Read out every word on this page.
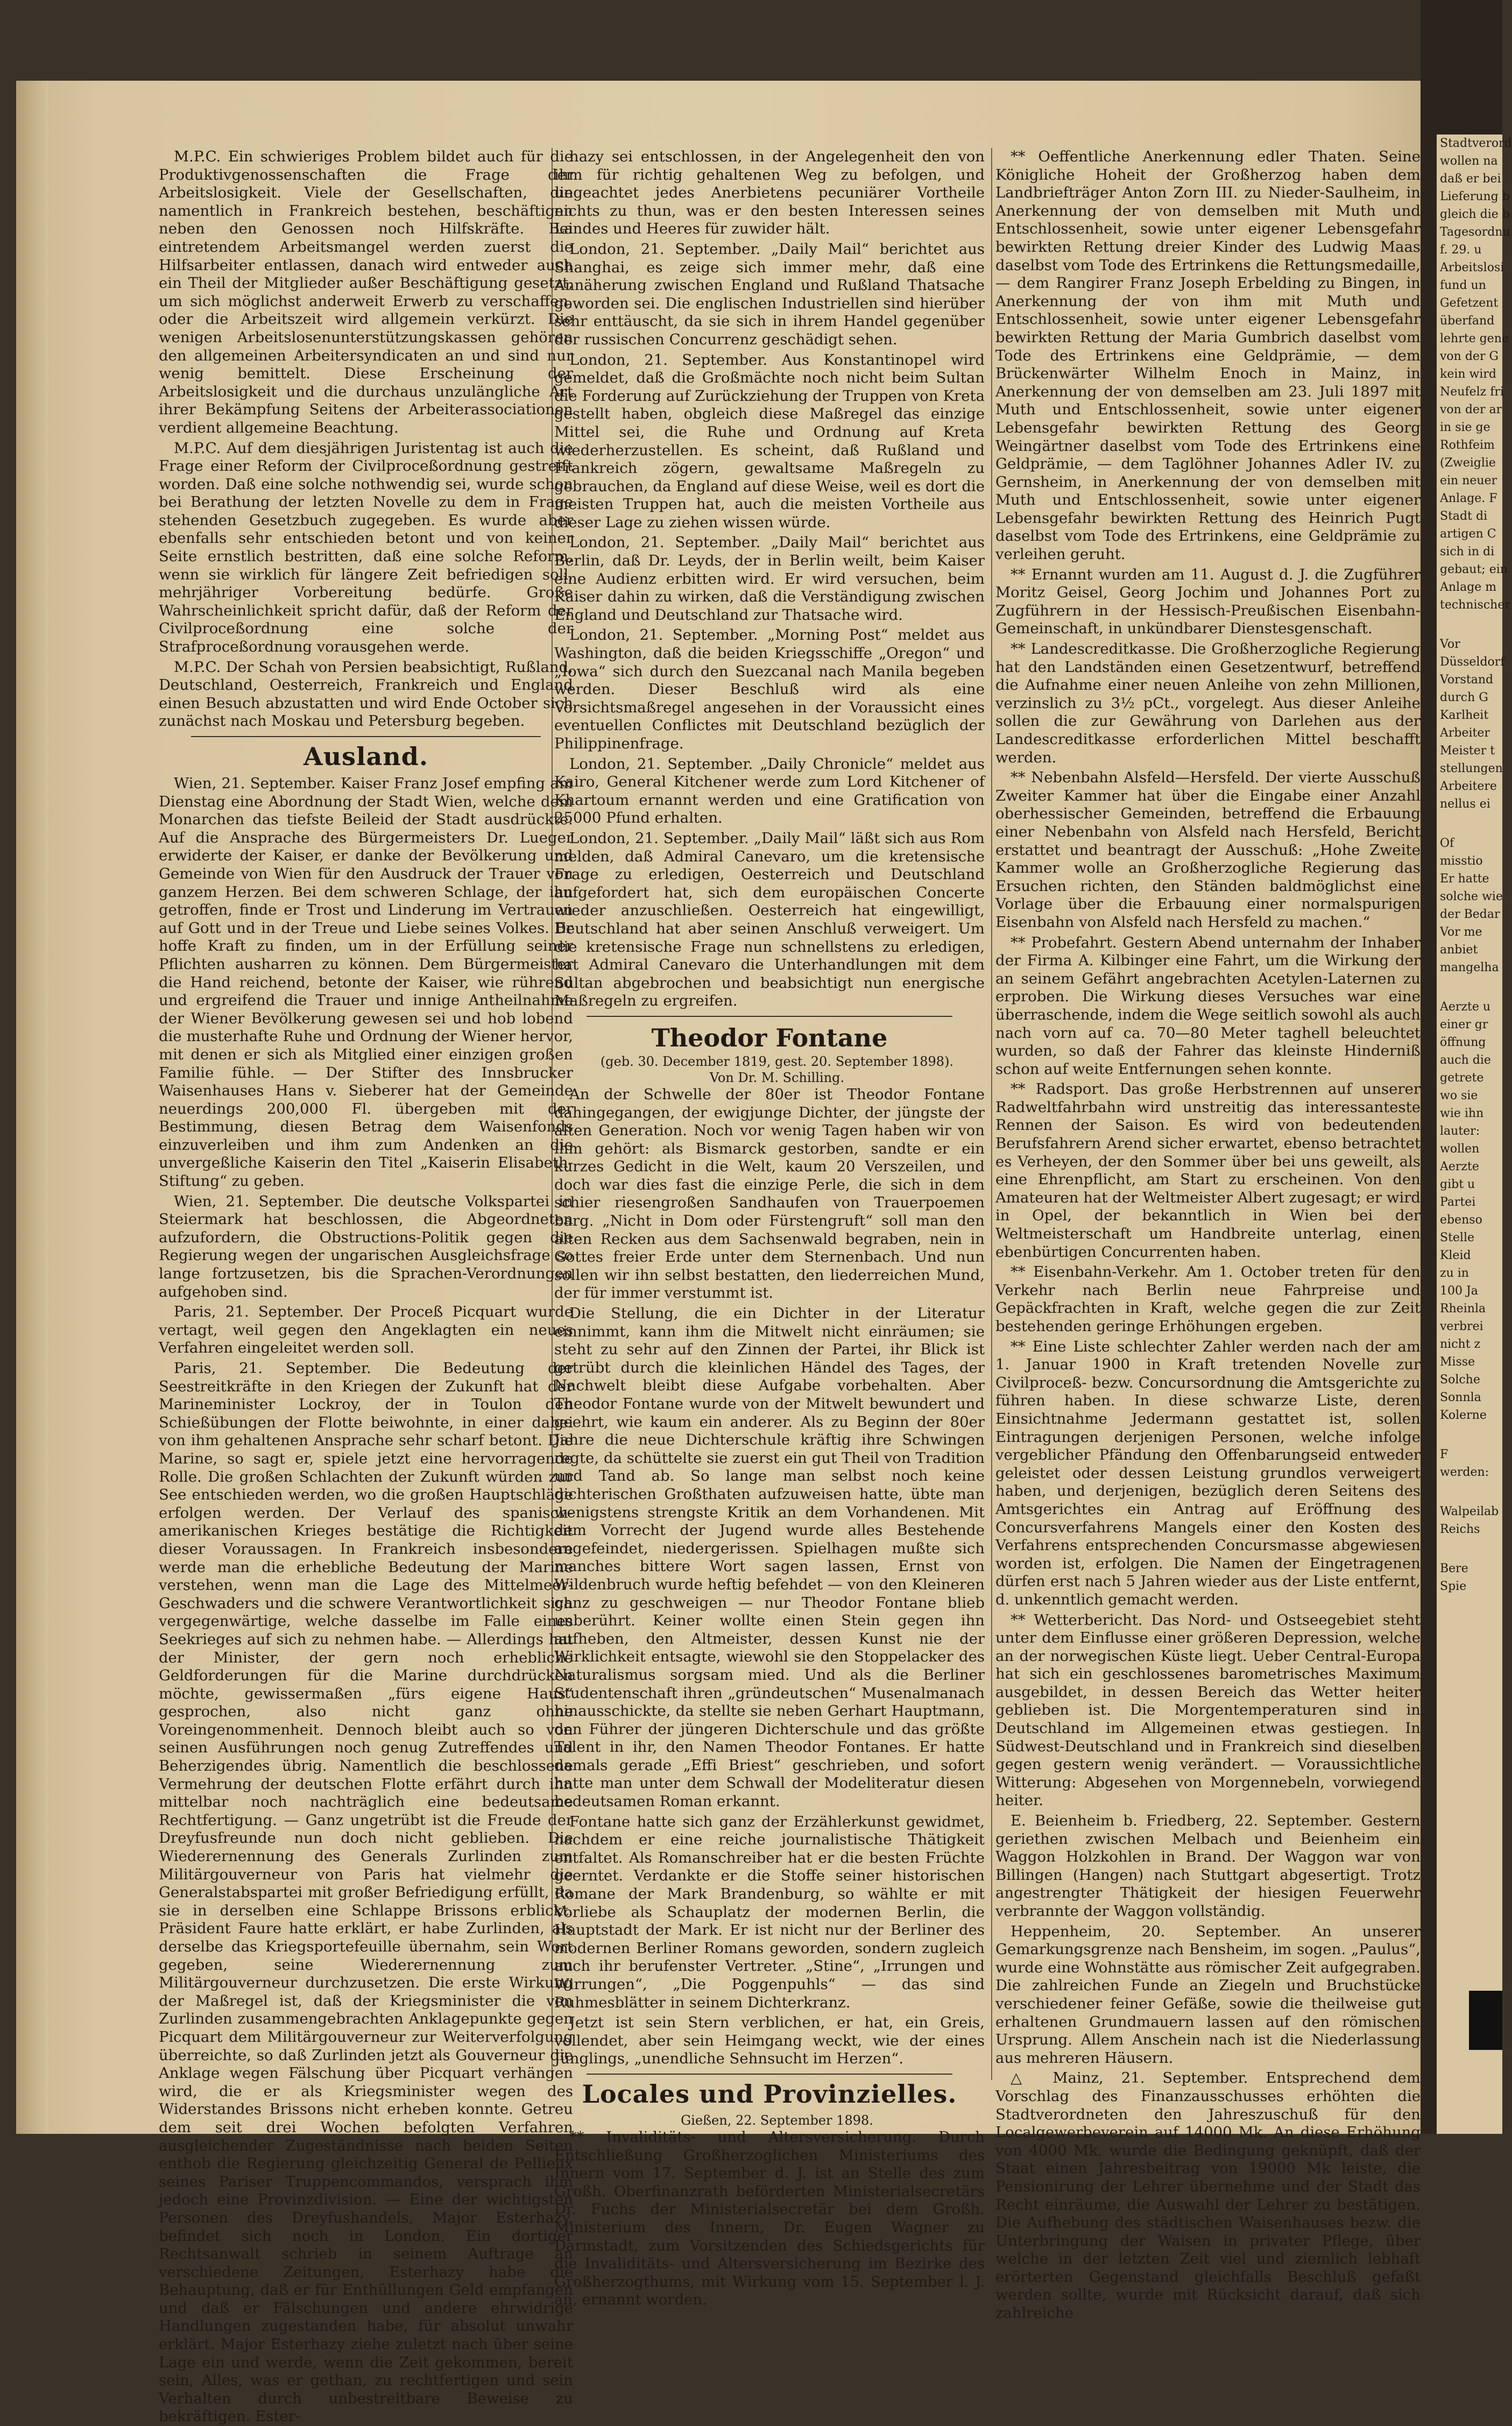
M.P.C. Ein schwieriges Problem bildet auch für die Produktivgenossenschaften die Frage der Arbeitslosigkeit. Viele der Gesellschaften, die namentlich in Frankreich bestehen, beschäftigen neben den Genossen noch Hilfskräfte. Bei eintretendem Arbeitsmangel werden zuerst die Hilfsarbeiter entlassen, danach wird entweder auch ein Theil der Mitglieder außer Beschäftigung gesetzt, um sich möglichst anderweit Erwerb zu verschaffen, oder die Arbeitszeit wird allgemein verkürzt. Die wenigen Arbeitslosenunterstützungskassen gehören den allgemeinen Arbeitersyndicaten an und sind nur wenig bemittelt. Diese Erscheinung der Arbeitslosigkeit und die durchaus unzulängliche Art ihrer Bekämpfung Seitens der Arbeiterassociationen verdient allgemeine Beachtung.

M.P.C. Auf dem diesjährigen Juristentag ist auch die Frage einer Reform der Civilproceßordnung gestreift worden. Daß eine solche nothwendig sei, wurde schon bei Berathung der letzten Novelle zu dem in Frage stehenden Gesetzbuch zugegeben. Es wurde aber ebenfalls sehr entschieden betont und von keiner Seite ernstlich bestritten, daß eine solche Reform, wenn sie wirklich für längere Zeit befriedigen soll, mehrjähriger Vorbereitung bedürfe. Große Wahrscheinlichkeit spricht dafür, daß der Reform der Civilproceßordnung eine solche der Strafproceßordnung vorausgehen werde.

M.P.C. Der Schah von Persien beabsichtigt, Rußland, Deutschland, Oesterreich, Frankreich und England einen Besuch abzustatten und wird Ende October sich zunächst nach Moskau und Petersburg begeben.

Ausland.

Wien, 21. September. Kaiser Franz Josef empfing am Dienstag eine Abordnung der Stadt Wien, welche dem Monarchen das tiefste Beileid der Stadt ausdrückte. Auf die Ansprache des Bürgermeisters Dr. Lueger erwiderte der Kaiser, er danke der Bevölkerung und Gemeinde von Wien für den Ausdruck der Trauer von ganzem Herzen. Bei dem schweren Schlage, der ihn getroffen, finde er Trost und Linderung im Vertrauen auf Gott und in der Treue und Liebe seines Volkes. Er hoffe Kraft zu finden, um in der Erfüllung seiner Pflichten ausharren zu können. Dem Bürgermeister die Hand reichend, betonte der Kaiser, wie rührend und ergreifend die Trauer und innige Antheilnahme der Wiener Bevölkerung gewesen sei und hob lobend die musterhafte Ruhe und Ordnung der Wiener hervor, mit denen er sich als Mitglied einer einzigen großen Familie fühle. — Der Stifter des Innsbrucker Waisenhauses Hans v. Sieberer hat der Gemeinde neuerdings 200,000 Fl. übergeben mit der Bestimmung, diesen Betrag dem Waisenfonds einzuverleiben und ihm zum Andenken an die unvergeßliche Kaiserin den Titel „Kaiserin Elisabeth-Stiftung“ zu geben.

Wien, 21. September. Die deutsche Volkspartei in Steiermark hat beschlossen, die Abgeordneten aufzufordern, die Obstructions-Politik gegen die Regierung wegen der ungarischen Ausgleichsfrage so lange fortzusetzen, bis die Sprachen-Verordnungen aufgehoben sind.

Paris, 21. September. Der Proceß Picquart wurde vertagt, weil gegen den Angeklagten ein neues Verfahren eingeleitet werden soll.

Paris, 21. September. Die Bedeutung der Seestreitkräfte in den Kriegen der Zukunft hat der Marineminister Lockroy, der in Toulon den Schießübungen der Flotte beiwohnte, in einer dabei von ihm gehaltenen Ansprache sehr scharf betont. Die Marine, so sagt er, spiele jetzt eine hervorragende Rolle. Die großen Schlachten der Zukunft würden zur See entschieden werden, wo die großen Hauptschläge erfolgen werden. Der Verlauf des spanisch-amerikanischen Krieges bestätige die Richtigkeit dieser Voraussagen. In Frankreich insbesondere werde man die erhebliche Bedeutung der Marine verstehen, wenn man die Lage des Mittelmeer-Geschwaders und die schwere Verantwortlichkeit sich vergegenwärtige, welche dasselbe im Falle eines Seekrieges auf sich zu nehmen habe. — Allerdings hat der Minister, der gern noch erhebliche Geldforderungen für die Marine durchdrücken möchte, gewissermaßen „fürs eigene Haus“ gesprochen, also nicht ganz ohne Voreingenommenheit. Dennoch bleibt auch so von seinen Ausführungen noch genug Zutreffendes und Beherzigendes übrig. Namentlich die beschlossene Vermehrung der deutschen Flotte erfährt durch ihn mittelbar noch nachträglich eine bedeutsame Rechtfertigung. — Ganz ungetrübt ist die Freude der Dreyfusfreunde nun doch nicht geblieben. Die Wiederernennung des Generals Zurlinden zum Militärgouverneur von Paris hat vielmehr die Generalstabspartei mit großer Befriedigung erfüllt, da sie in derselben eine Schlappe Brissons erblickt. Präsident Faure hatte erklärt, er habe Zurlinden, als derselbe das Kriegsportefeuille übernahm, sein Wort gegeben, seine Wiederernennung zum Militärgouverneur durchzusetzen. Die erste Wirkung der Maßregel ist, daß der Kriegsminister die von Zurlinden zusammengebrachten Anklagepunkte gegen Picquart dem Militärgouverneur zur Weiterverfolgung überreichte, so daß Zurlinden jetzt als Gouverneur die Anklage wegen Fälschung über Picquart verhängen wird, die er als Kriegsminister wegen des Widerstandes Brissons nicht erheben konnte. Getreu dem seit drei Wochen befolgten Verfahren ausgleichender Zugeständnisse nach beiden Seiten enthob die Regierung gleichzeitig General de Pellieux seines Pariser Truppencommandos, versprach ihm jedoch eine Provinzdivision. — Eine der wichtigsten Personen des Dreyfushandels, Major Esterhazy, befindet sich noch in London. Ein dortiger Rechtsanwalt schrieb in seinem Auftrage an verschiedene Zeitungen, Esterhazy habe die Behauptung, daß er für Enthüllungen Geld empfangen und daß er Fälschungen und andere ehrwidrige Handlungen zugestanden habe, für absolut unwahr erklärt. Major Esterhazy ziehe zuletzt nach über seine Lage ein und werde, wenn die Zeit gekommen, bereit sein, Alles, was er gethan, zu rechtfertigen und sein Verhalten durch unbestreitbare Beweise zu bekräftigen. Ester-

hazy sei entschlossen, in der Angelegenheit den von ihm für richtig gehaltenen Weg zu befolgen, und ungeachtet jedes Anerbietens pecuniärer Vortheile nichts zu thun, was er den besten Interessen seines Landes und Heeres für zuwider hält.

London, 21. September. „Daily Mail“ berichtet aus Shanghai, es zeige sich immer mehr, daß eine Annäherung zwischen England und Rußland Thatsache geworden sei. Die englischen Industriellen sind hierüber sehr enttäuscht, da sie sich in ihrem Handel gegenüber der russischen Concurrenz geschädigt sehen.

London, 21. September. Aus Konstantinopel wird gemeldet, daß die Großmächte noch nicht beim Sultan die Forderung auf Zurückziehung der Truppen von Kreta gestellt haben, obgleich diese Maßregel das einzige Mittel sei, die Ruhe und Ordnung auf Kreta wiederherzustellen. Es scheint, daß Rußland und Frankreich zögern, gewaltsame Maßregeln zu gebrauchen, da England auf diese Weise, weil es dort die meisten Truppen hat, auch die meisten Vortheile aus dieser Lage zu ziehen wissen würde.

London, 21. September. „Daily Mail“ berichtet aus Berlin, daß Dr. Leyds, der in Berlin weilt, beim Kaiser eine Audienz erbitten wird. Er wird versuchen, beim Kaiser dahin zu wirken, daß die Verständigung zwischen England und Deutschland zur Thatsache wird.

London, 21. September. „Morning Post“ meldet aus Washington, daß die beiden Kriegsschiffe „Oregon“ und „Iowa“ sich durch den Suezcanal nach Manila begeben werden. Dieser Beschluß wird als eine Vorsichtsmaßregel angesehen in der Voraussicht eines eventuellen Conflictes mit Deutschland bezüglich der Philippinenfrage.

London, 21. September. „Daily Chronicle“ meldet aus Kairo, General Kitchener werde zum Lord Kitchener of Khartoum ernannt werden und eine Gratification von 25000 Pfund erhalten.

London, 21. September. „Daily Mail“ läßt sich aus Rom melden, daß Admiral Canevaro, um die kretensische Frage zu erledigen, Oesterreich und Deutschland aufgefordert hat, sich dem europäischen Concerte wieder anzuschließen. Oesterreich hat eingewilligt, Deutschland hat aber seinen Anschluß verweigert. Um die kretensische Frage nun schnellstens zu erledigen, hat Admiral Canevaro die Unterhandlungen mit dem Sultan abgebrochen und beabsichtigt nun energische Maßregeln zu ergreifen.

Theodor Fontane

(geb. 30. December 1819, gest. 20. September 1898).

Von Dr. M. Schilling.

An der Schwelle der 80er ist Theodor Fontane dahingegangen, der ewigjunge Dichter, der jüngste der alten Generation. Noch vor wenig Tagen haben wir von ihm gehört: als Bismarck gestorben, sandte er ein kurzes Gedicht in die Welt, kaum 20 Verszeilen, und doch war dies fast die einzige Perle, die sich in dem schier riesengroßen Sandhaufen von Trauerpoemen barg. „Nicht in Dom oder Fürstengruft“ soll man den alten Recken aus dem Sachsenwald begraben, nein in Gottes freier Erde unter dem Sternenbach. Und nun sollen wir ihn selbst bestatten, den liederreichen Mund, der für immer verstummt ist.

Die Stellung, die ein Dichter in der Literatur einnimmt, kann ihm die Mitwelt nicht einräumen; sie steht zu sehr auf den Zinnen der Partei, ihr Blick ist getrübt durch die kleinlichen Händel des Tages, der Nachwelt bleibt diese Aufgabe vorbehalten. Aber Theodor Fontane wurde von der Mitwelt bewundert und geehrt, wie kaum ein anderer. Als zu Beginn der 80er Jahre die neue Dichterschule kräftig ihre Schwingen regte, da schüttelte sie zuerst ein gut Theil von Tradition und Tand ab. So lange man selbst noch keine dichterischen Großthaten aufzuweisen hatte, übte man wenigstens strengste Kritik an dem Vorhandenen. Mit dem Vorrecht der Jugend wurde alles Bestehende angefeindet, niedergerissen. Spielhagen mußte sich manches bittere Wort sagen lassen, Ernst von Wildenbruch wurde heftig befehdet — von den Kleineren ganz zu geschweigen — nur Theodor Fontane blieb unberührt. Keiner wollte einen Stein gegen ihn aufheben, den Altmeister, dessen Kunst nie der Wirklichkeit entsagte, wiewohl sie den Stoppelacker des Naturalismus sorgsam mied. Und als die Berliner Studentenschaft ihren „gründeutschen“ Musenalmanach hinausschickte, da stellte sie neben Gerhart Hauptmann, den Führer der jüngeren Dichterschule und das größte Talent in ihr, den Namen Theodor Fontanes. Er hatte damals gerade „Effi Briest“ geschrieben, und sofort hatte man unter dem Schwall der Modeliteratur diesen bedeutsamen Roman erkannt.

Fontane hatte sich ganz der Erzählerkunst gewidmet, nachdem er eine reiche journalistische Thätigkeit entfaltet. Als Romanschreiber hat er die besten Früchte geerntet. Verdankte er die Stoffe seiner historischen Romane der Mark Brandenburg, so wählte er mit Vorliebe als Schauplatz der modernen Berlin, die Hauptstadt der Mark. Er ist nicht nur der Berliner des modernen Berliner Romans geworden, sondern zugleich auch ihr berufenster Vertreter. „Stine“, „Irrungen und Wirrungen“, „Die Poggenpuhls“ — das sind Ruhmesblätter in seinem Dichterkranz.

Jetzt ist sein Stern verblichen, er hat, ein Greis, vollendet, aber sein Heimgang weckt, wie der eines Jünglings, „unendliche Sehnsucht im Herzen“.

Locales und Provinzielles.

Gießen, 22. September 1898.

** Invaliditäts- und Altersversicherung. Durch Entschließung Großherzoglichen Ministeriums des Innern vom 17. September d. J. ist an Stelle des zum Großh. Oberfinanzrath beförderten Ministerialsecretärs Dr. Fuchs der Ministerialsecretär bei dem Großh. Ministerium des Innern, Dr. Eugen Wagner zu Darmstadt, zum Vorsitzenden des Schiedsgerichts für die Invaliditäts- und Altersversicherung im Bezirke des Großherzogthums, mit Wirkung vom 15. September l. J. an, ernannt worden.

** Oeffentliche Anerkennung edler Thaten. Seine Königliche Hoheit der Großherzog haben dem Landbriefträger Anton Zorn III. zu Nieder-Saulheim, in Anerkennung der von demselben mit Muth und Entschlossenheit, sowie unter eigener Lebensgefahr bewirkten Rettung dreier Kinder des Ludwig Maas daselbst vom Tode des Ertrinkens die Rettungsmedaille, — dem Rangirer Franz Joseph Erbelding zu Bingen, in Anerkennung der von ihm mit Muth und Entschlossenheit, sowie unter eigener Lebensgefahr bewirkten Rettung der Maria Gumbrich daselbst vom Tode des Ertrinkens eine Geldprämie, — dem Brückenwärter Wilhelm Enoch in Mainz, in Anerkennung der von demselben am 23. Juli 1897 mit Muth und Entschlossenheit, sowie unter eigener Lebensgefahr bewirkten Rettung des Georg Weingärtner daselbst vom Tode des Ertrinkens eine Geldprämie, — dem Taglöhner Johannes Adler IV. zu Gernsheim, in Anerkennung der von demselben mit Muth und Entschlossenheit, sowie unter eigener Lebensgefahr bewirkten Rettung des Heinrich Pugt daselbst vom Tode des Ertrinkens, eine Geldprämie zu verleihen geruht.

** Ernannt wurden am 11. August d. J. die Zugführer Moritz Geisel, Georg Jochim und Johannes Port zu Zugführern in der Hessisch-Preußischen Eisenbahn-Gemeinschaft, in unkündbarer Dienstesgenschaft.

** Landescreditkasse. Die Großherzogliche Regierung hat den Landständen einen Gesetzentwurf, betreffend die Aufnahme einer neuen Anleihe von zehn Millionen, verzinslich zu 3½ pCt., vorgelegt. Aus dieser Anleihe sollen die zur Gewährung von Darlehen aus der Landescreditkasse erforderlichen Mittel beschafft werden.

** Nebenbahn Alsfeld—Hersfeld. Der vierte Ausschuß Zweiter Kammer hat über die Eingabe einer Anzahl oberhessischer Gemeinden, betreffend die Erbauung einer Nebenbahn von Alsfeld nach Hersfeld, Bericht erstattet und beantragt der Ausschuß: „Hohe Zweite Kammer wolle an Großherzogliche Regierung das Ersuchen richten, den Ständen baldmöglichst eine Vorlage über die Erbauung einer normalspurigen Eisenbahn von Alsfeld nach Hersfeld zu machen.“

** Probefahrt. Gestern Abend unternahm der Inhaber der Firma A. Kilbinger eine Fahrt, um die Wirkung der an seinem Gefährt angebrachten Acetylen-Laternen zu erproben. Die Wirkung dieses Versuches war eine überraschende, indem die Wege seitlich sowohl als auch nach vorn auf ca. 70—80 Meter taghell beleuchtet wurden, so daß der Fahrer das kleinste Hinderniß schon auf weite Entfernungen sehen konnte.

** Radsport. Das große Herbstrennen auf unserer Radweltfahrbahn wird unstreitig das interessanteste Rennen der Saison. Es wird von bedeutenden Berufsfahrern Arend sicher erwartet, ebenso betrachtet es Verheyen, der den Sommer über bei uns geweilt, als eine Ehrenpflicht, am Start zu erscheinen. Von den Amateuren hat der Weltmeister Albert zugesagt; er wird in Opel, der bekanntlich in Wien bei der Weltmeisterschaft um Handbreite unterlag, einen ebenbürtigen Concurrenten haben.

** Eisenbahn-Verkehr. Am 1. October treten für den Verkehr nach Berlin neue Fahrpreise und Gepäckfrachten in Kraft, welche gegen die zur Zeit bestehenden geringe Erhöhungen ergeben.

** Eine Liste schlechter Zahler werden nach der am 1. Januar 1900 in Kraft tretenden Novelle zur Civilproceß- bezw. Concursordnung die Amtsgerichte zu führen haben. In diese schwarze Liste, deren Einsichtnahme Jedermann gestattet ist, sollen Eintragungen derjenigen Personen, welche infolge vergeblicher Pfändung den Offenbarungseid entweder geleistet oder dessen Leistung grundlos verweigert haben, und derjenigen, bezüglich deren Seitens des Amtsgerichtes ein Antrag auf Eröffnung des Concursverfahrens Mangels einer den Kosten des Verfahrens entsprechenden Concursmasse abgewiesen worden ist, erfolgen. Die Namen der Eingetragenen dürfen erst nach 5 Jahren wieder aus der Liste entfernt, d. unkenntlich gemacht werden.

** Wetterbericht. Das Nord- und Ostseegebiet steht unter dem Einflusse einer größeren Depression, welche an der norwegischen Küste liegt. Ueber Central-Europa hat sich ein geschlossenes barometrisches Maximum ausgebildet, in dessen Bereich das Wetter heiter geblieben ist. Die Morgentemperaturen sind in Deutschland im Allgemeinen etwas gestiegen. In Südwest-Deutschland und in Frankreich sind dieselben gegen gestern wenig verändert. — Voraussichtliche Witterung: Abgesehen von Morgennebeln, vorwiegend heiter.

E. Beienheim b. Friedberg, 22. September. Gestern geriethen zwischen Melbach und Beienheim ein Waggon Holzkohlen in Brand. Der Waggon war von Billingen (Hangen) nach Stuttgart abgesertigt. Trotz angestrengter Thätigkeit der hiesigen Feuerwehr verbrannte der Waggon vollständig.

Heppenheim, 20. September. An unserer Gemarkungsgrenze nach Bensheim, im sogen. „Paulus“, wurde eine Wohnstätte aus römischer Zeit aufgegraben. Die zahlreichen Funde an Ziegeln und Bruchstücke verschiedener feiner Gefäße, sowie die theilweise gut erhaltenen Grundmauern lassen auf den römischen Ursprung. Allem Anschein nach ist die Niederlassung aus mehreren Häusern.

△ Mainz, 21. September. Entsprechend dem Vorschlag des Finanzausschusses erhöhten die Stadtverordneten den Jahreszuschuß für den Localgewerbeverein auf 14000 Mk. An diese Erhöhung von 4000 Mk. wurde die Bedingung geknüpft, daß der Staat einen Jahresbeitrag von 19000 Mk leiste, die Pensionirung der Lehrer übernehme und der Stadt das Recht einräume, die Auswahl der Lehrer zu bestätigen. Die Aufhebung des städtischen Waisenhauses bezw. die Unterbringung der Waisen in privater Pflege, über welche in der letzten Zeit viel und ziemlich lebhaft erörterten Gegenstand gleichfalls Beschluß gefaßt werden sollte, wurde mit Rücksicht darauf, daß sich zahlreiche

Stadtverord
wollen na
daß er bei
Lieferung b
gleich die b
Tagesordnu
f. 29. u
Arbeitslosi
fund un
Gefetzent
überfand
lehrte gene
von der G
kein wird
Neufelz fri
von der ar
in sie ge
Rothfeim
(Zweiglie
ein neuer
Anlage. F
Stadt di
artigen C
sich in di
gebaut; ein
Anlage m
technischer
Vor
Düsseldorf
Vorstand
durch G
Karlheit
Arbeiter
Meister t
stellungen
Arbeitere
nellus ei
Of
misstio
Er hatte
solche wie
der Bedar
Vor me
anbiet
mangelha
Aerzte u
einer gr
öffnung
auch die
getrete
wo sie
wie ihn
lauter:
wollen
Aerzte
gibt u
Partei
ebenso
Stelle
Kleid
zu in
100 Ja
Rheinla
verbrei
nicht z
Misse
Solche
Sonnla
Kolerne
F
werden:
Walpeilab
Reichs
Bere
Spie
